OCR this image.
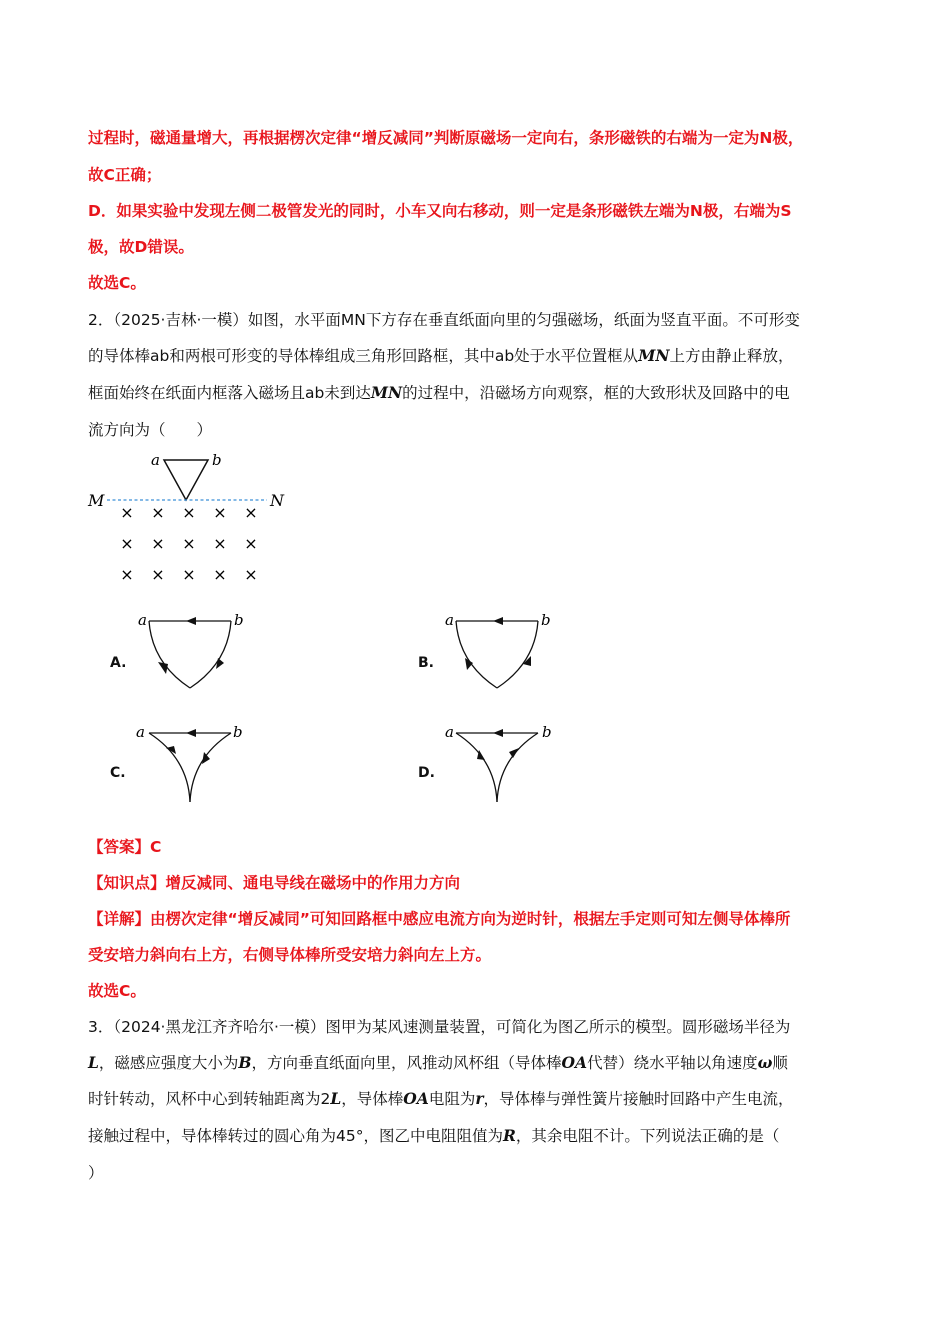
过程时，磁通量增大，再根据楞次定律“增反减同”判断原磁场一定向右，条形磁铁的右端为一定为N极，
故C正确；
D．如果实验中发现左侧二极管发光的同时，小车又向右移动，则一定是条形磁铁左端为N极，右端为S
极，故D错误。
故选C。
2．（2025·吉林·一模）如图，水平面MN下方存在垂直纸面向里的匀强磁场，纸面为竖直平面。不可形变
的导体棒ab和两根可形变的导体棒组成三角形回路框，其中ab处于水平位置框从MN上方由静止释放，
框面始终在纸面内框落入磁场且ab未到达MN的过程中，沿磁场方向观察，框的大致形状及回路中的电
流方向为（　　）
a	b
M	N
× × × × ×
× × × × ×
× × × × ×
A.
a	b
B.
a	b
C.
a	b
D.
a	b
【答案】C
【知识点】增反减同、通电导线在磁场中的作用力方向
【详解】由楞次定律“增反减同”可知回路框中感应电流方向为逆时针，根据左手定则可知左侧导体棒所
受安培力斜向右上方，右侧导体棒所受安培力斜向左上方。
故选C。
3．（2024·黑龙江齐齐哈尔·一模）图甲为某风速测量装置，可简化为图乙所示的模型。圆形磁场半径为
L，磁感应强度大小为B，方向垂直纸面向里，风推动风杯组（导体棒OA代替）绕水平轴以角速度ω顺
时针转动，风杯中心到转轴距离为2L，导体棒OA电阻为r，导体棒与弹性簧片接触时回路中产生电流，
接触过程中，导体棒转过的圆心角为45°，图乙中电阻阻值为R，其余电阻不计。下列说法正确的是（
）
